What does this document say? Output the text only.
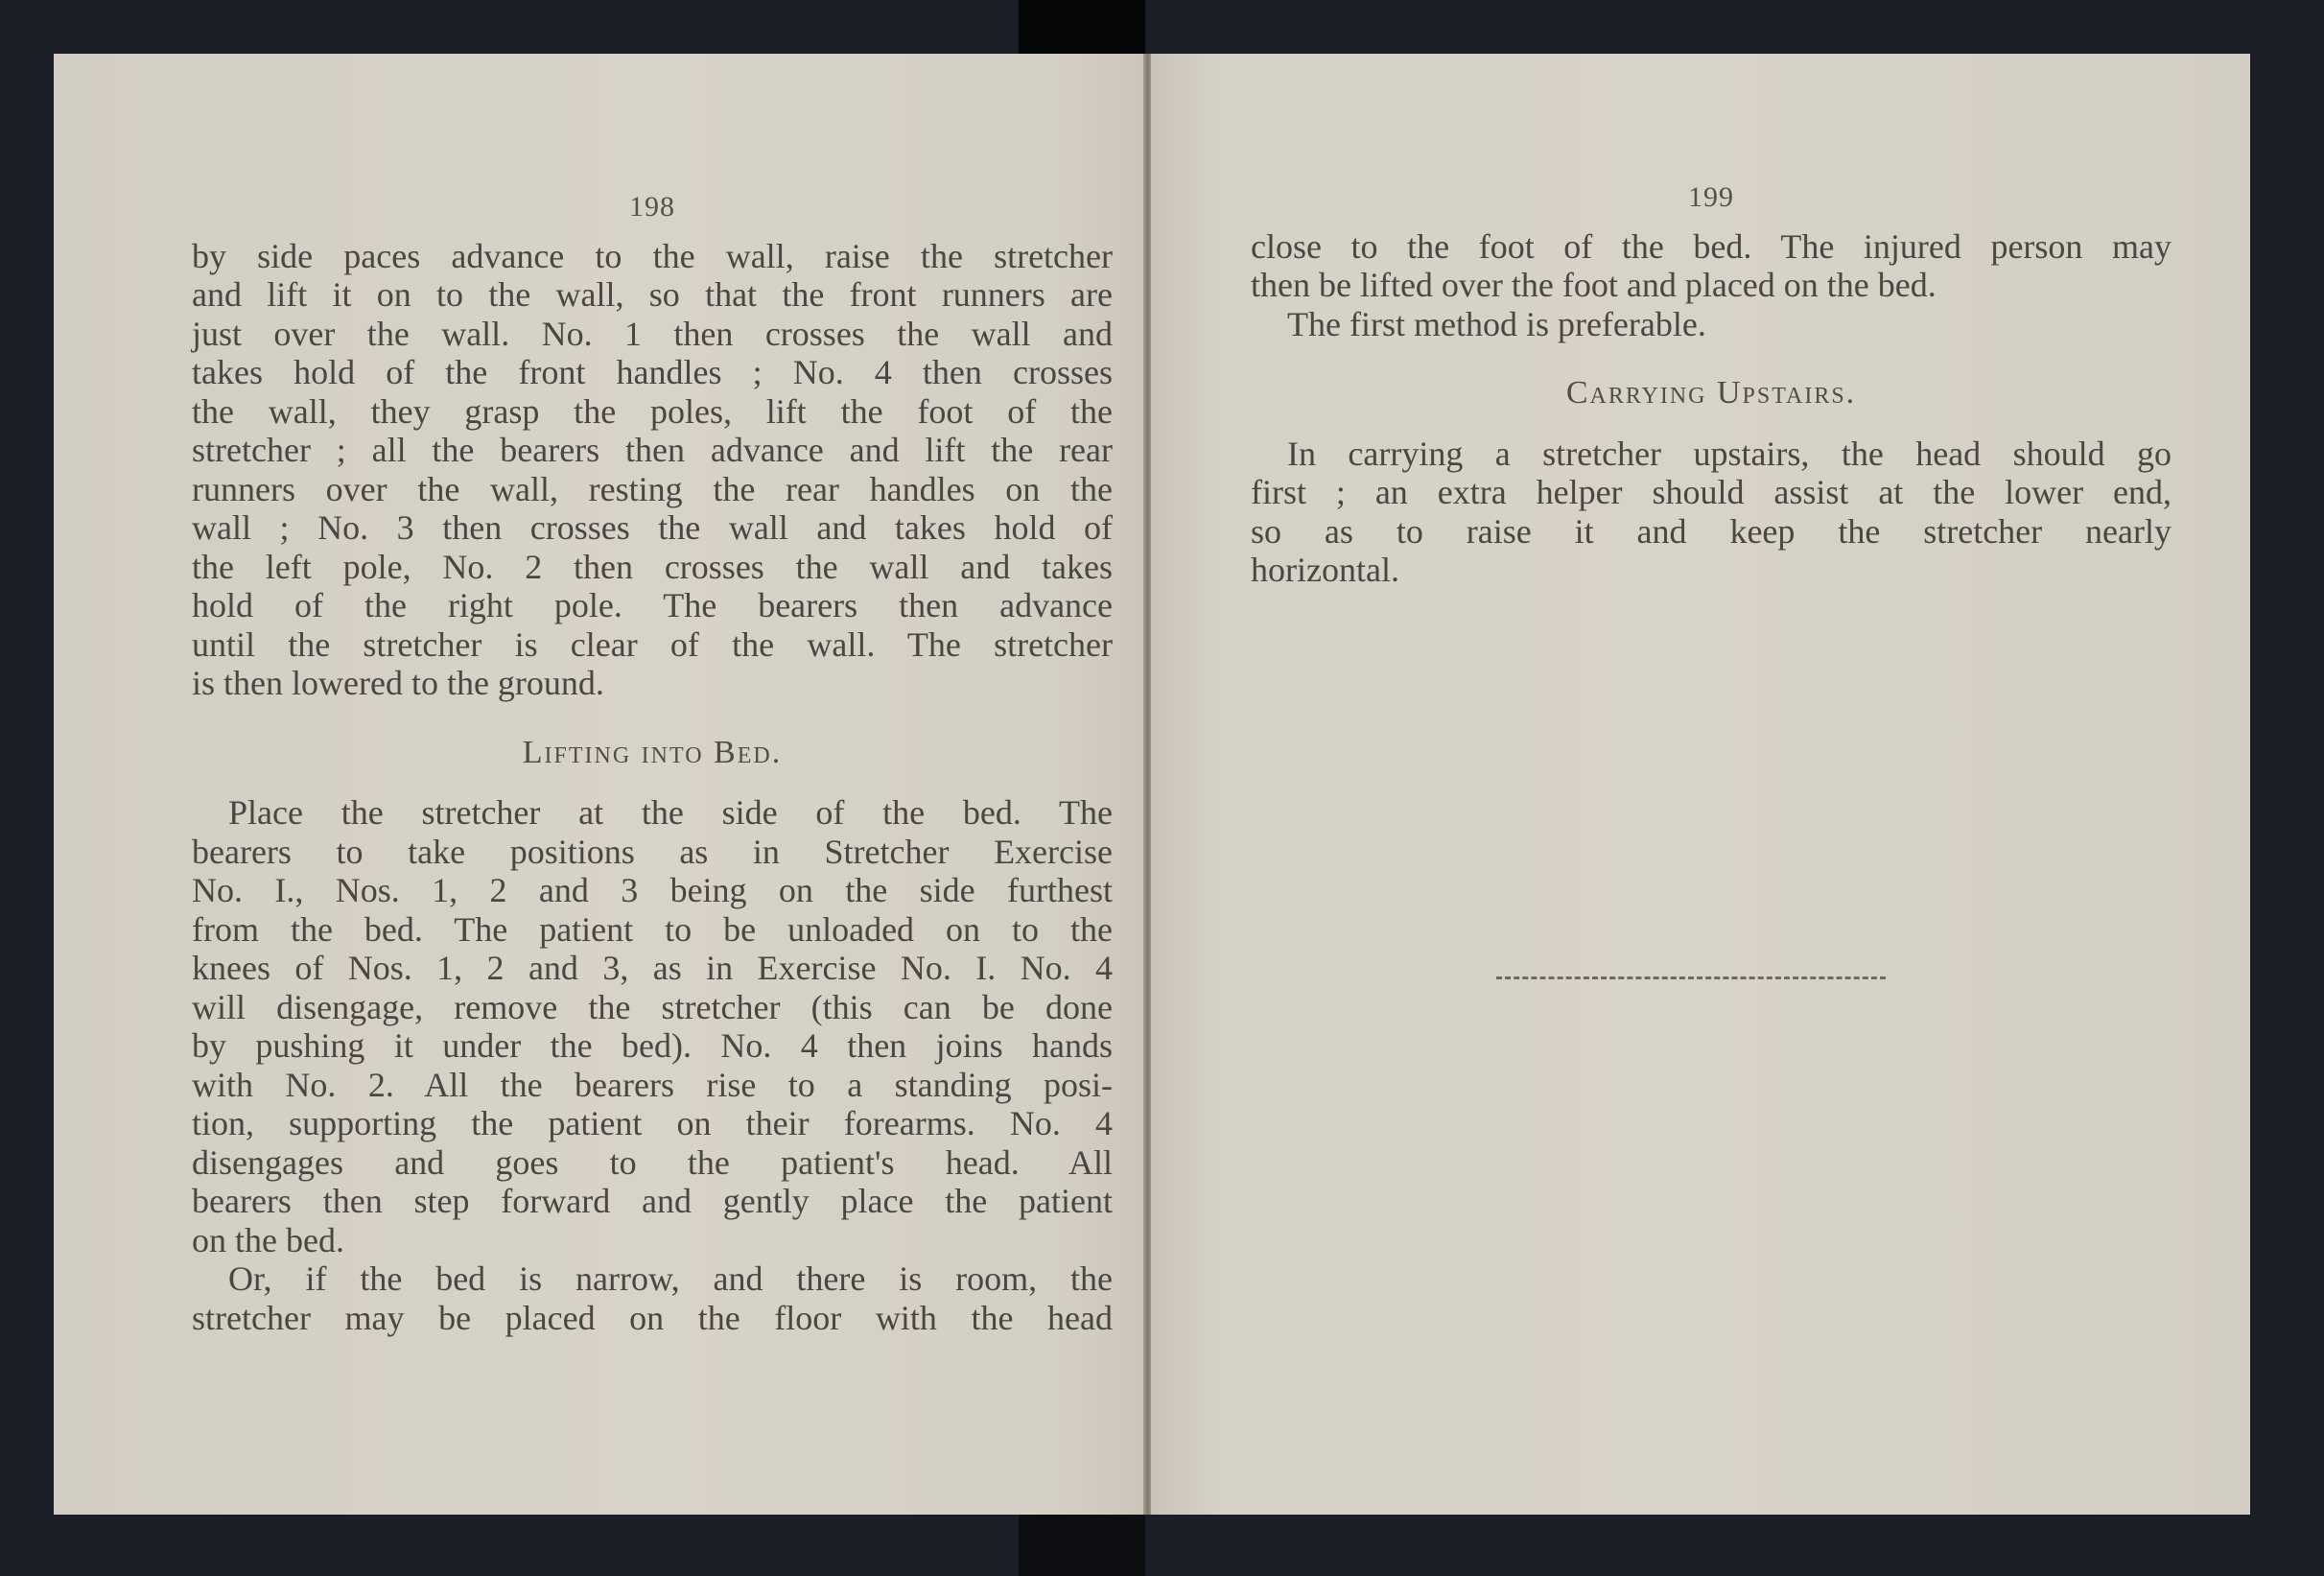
198
by side paces advance to the wall, raise the stretcher
and lift it on to the wall, so that the front runners are
just over the wall. No. 1 then crosses the wall and
takes hold of the front handles ; No. 4 then crosses
the wall, they grasp the poles, lift the foot of the
stretcher ; all the bearers then advance and lift the rear
runners over the wall, resting the rear handles on the
wall ; No. 3 then crosses the wall and takes hold of
the left pole, No. 2 then crosses the wall and takes
hold of the right pole. The bearers then advance
until the stretcher is clear of the wall. The stretcher
is then lowered to the ground.
Lifting into Bed.
Place the stretcher at the side of the bed. The
bearers to take positions as in Stretcher Exercise
No. I., Nos. 1, 2 and 3 being on the side furthest
from the bed. The patient to be unloaded on to the
knees of Nos. 1, 2 and 3, as in Exercise No. I. No. 4
will disengage, remove the stretcher (this can be done
by pushing it under the bed). No. 4 then joins hands
with No. 2. All the bearers rise to a standing posi-
tion, supporting the patient on their forearms. No. 4
disengages and goes to the patient's head. All
bearers then step forward and gently place the patient
on the bed.
Or, if the bed is narrow, and there is room, the
stretcher may be placed on the floor with the head
199
close to the foot of the bed. The injured person may
then be lifted over the foot and placed on the bed.
The first method is preferable.
Carrying Upstairs.
In carrying a stretcher upstairs, the head should go
first ; an extra helper should assist at the lower end,
so as to raise it and keep the stretcher nearly
horizontal.
